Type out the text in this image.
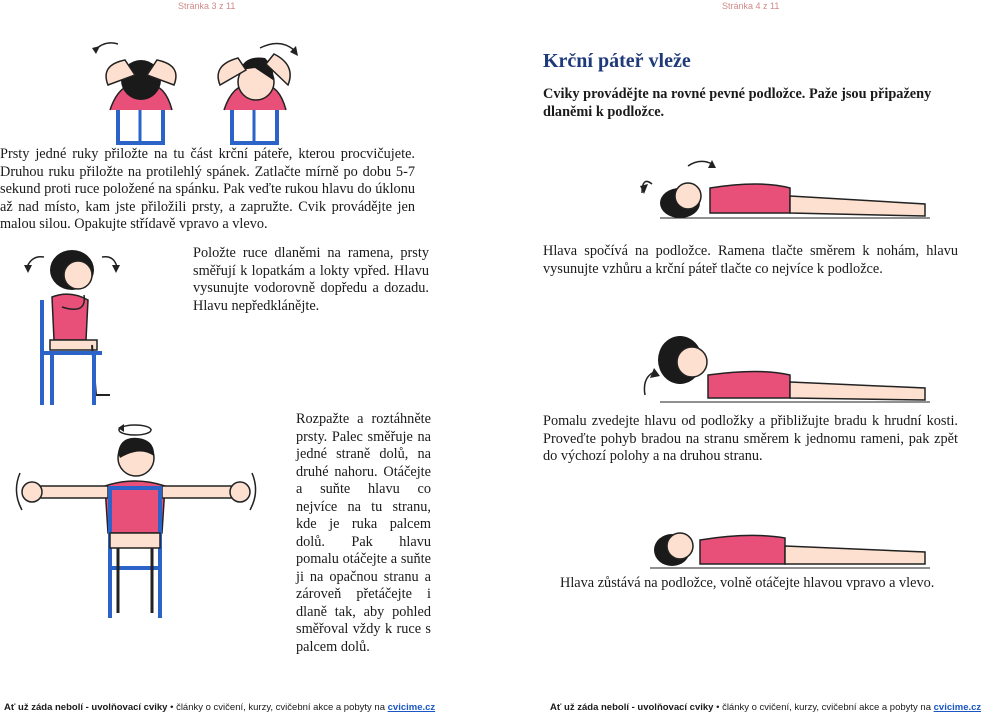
Stránka 3 z 11	Stránka 4 z 11
Prsty jedné ruky přiložte na tu část krční páteře, kterou procvičujete. Druhou ruku přiložte na protilehlý spánek. Zatlačte mírně po dobu 5-7 sekund proti ruce položené na spánku. Pak veďte rukou hlavu do úklonu až nad místo, kam jste přiložili prsty, a zapružte. Cvik provádějte jen malou silou. Opakujte střídavě vpravo a vlevo.
Položte ruce dlaněmi na ramena, prsty směřují k lopatkám a lokty vpřed. Hlavu vysunujte vodorovně dopředu a dozadu. Hlavu nepředklánějte.
Rozpažte a roztáhněte prsty. Palec směřuje na jedné straně dolů, na druhé nahoru. Otáčejte a suňte hlavu co nejvíce na tu stranu, kde je ruka palcem dolů. Pak hlavu pomalu otáčejte a suňte ji na opačnou stranu a zároveň přetáčejte i dlaně tak, aby pohled směřoval vždy k ruce s palcem dolů.
Krční páteř vleže
Cviky provádějte na rovné pevné podložce. Paže jsou připaženy dlaněmi k podložce.
Hlava spočívá na podložce. Ramena tlačte směrem k nohám, hlavu vysunujte vzhůru a krční páteř tlačte co nejvíce k podložce.
Pomalu zvedejte hlavu od podložky a přibližujte bradu k hrudní kosti. Proveďte pohyb bradou na stranu směrem k jednomu rameni, pak zpět do výchozí polohy a na druhou stranu.
Hlava zůstává na podložce, volně otáčejte hlavou vpravo a vlevo.
Ať už záda nebolí - uvolňovací cviky • články o cvičení, kurzy, cvičební akce a pobyty na cvicime.cz	Ať už záda nebolí - uvolňovací cviky • články o cvičení, kurzy, cvičební akce a pobyty na cvicime.cz
